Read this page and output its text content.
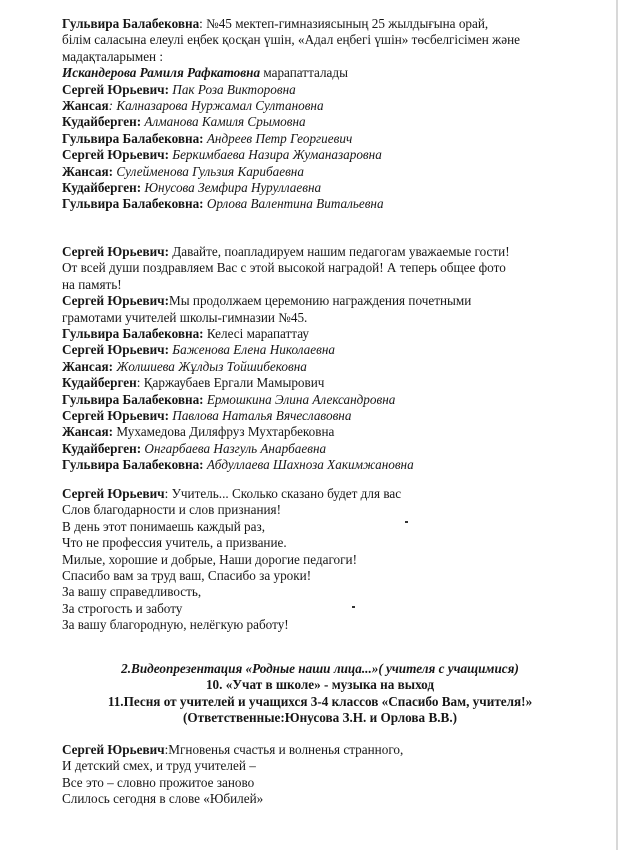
Гульвира Балабековна: №45 мектеп-гимназиясының 25 жылдығына орай,
білім саласына елеулі еңбек қосқан үшін, «Адал еңбегі үшін» төсбелгісімен және
мадақталарымен :
Искандерова Рамиля Рафкатовна марапатталады
Сергей Юрьевич: Пак Роза Викторовна
Жансая: Калназарова Нуржамал Султановна
Кудайберген: Алманова Камиля Срымовна
Гульвира Балабековна: Андреев Петр Георгиевич
Сергей Юрьевич: Беркимбаева Назира Жуманазаровна
Жансая: Сулейменова Гульзия Карибаевна
Кудайберген: Юнусова Земфира Нуруллаевна
Гульвира Балабековна: Орлова Валентина Витальевна
Сергей Юрьевич: Давайте, поапладируем нашим педагогам уважаемые гости!
От всей души поздравляем Вас с этой высокой наградой! А теперь общее фото
на память!
Сергей Юрьевич:Мы продолжаем церемонию награждения почетными
грамотами учителей школы-гимназии №45.
Гульвира Балабековна: Келесі марапаттау
Сергей Юрьевич: Баженова Елена Николаевна
Жансая: Жолшиева Жұлдыз Тойшибековна
Кудайберген: Қаржаубаев Ергали Мамырович
Гульвира Балабековна: Ермошкина Элина Александровна
Сергей Юрьевич: Павлова Наталья Вячеславовна
Жансая: Мухамедова Диляфруз Мухтарбековна
Кудайберген: Онгарбаева Назгуль Анарбаевна
Гульвира Балабековна: Абдуллаева Шахноза Хакимжановна
Сергей Юрьевич: Учитель... Сколько сказано будет для вас
Слов благодарности и слов признания!
В день этот понимаешь каждый раз,
Что не профессия учитель, а призвание.
Милые, хорошие и добрые, Наши дорогие педагоги!
Спасибо вам за труд ваш, Спасибо за уроки!
За вашу справедливость,
За строгость и заботу
За вашу благородную, нелёгкую работу!
2.Видеопрезентация «Родные наши лица...»( учителя с учащимися)
10. «Учат в школе» - музыка на выход
11.Песня от учителей и учащихся 3-4 классов «Спасибо Вам, учителя!»
(Ответственные:Юнусова З.Н. и Орлова В.В.)
Сергей Юрьевич:Мгновенья счастья и волненья странного,
И детский смех, и труд учителей –
Все это – словно прожитое заново
Слилось сегодня в слове «Юбилей»
